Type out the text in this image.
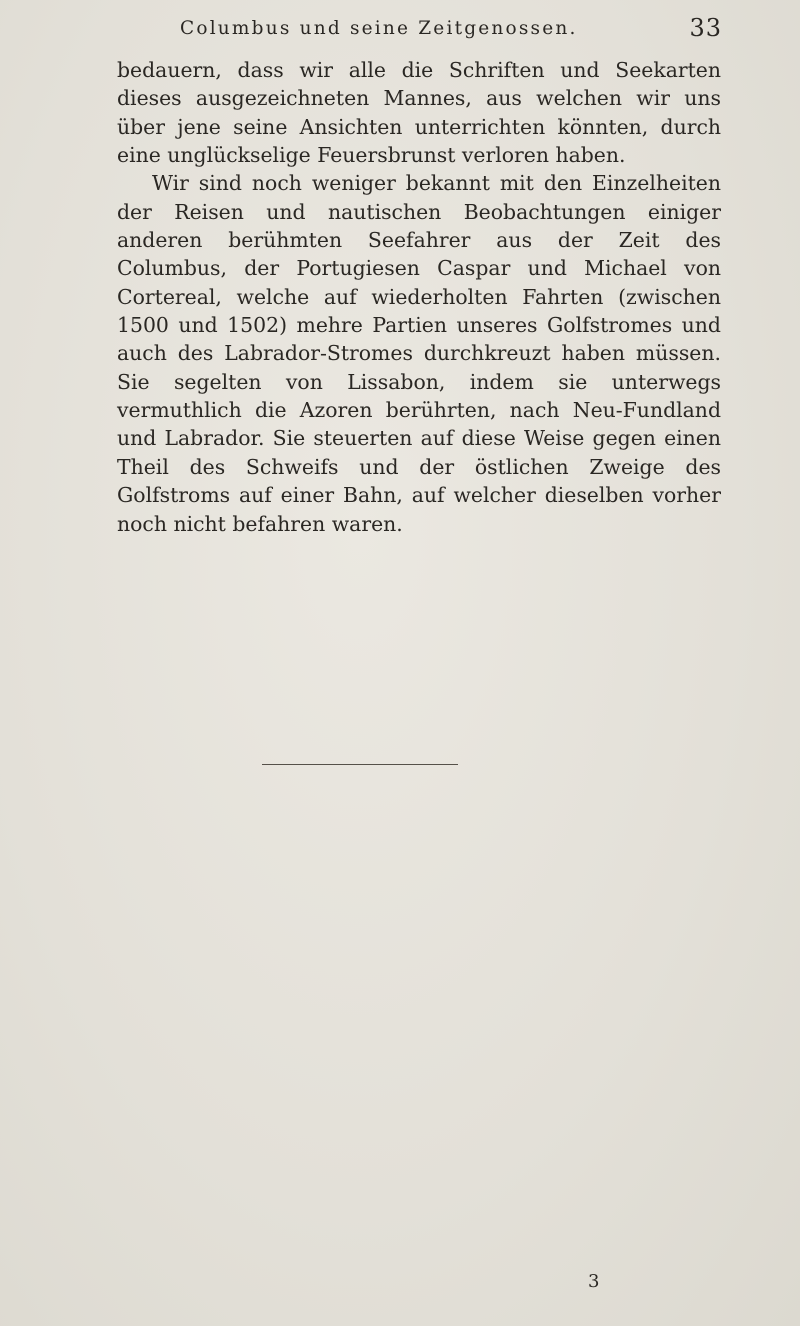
Columbus und seine Zeitgenossen.	33

bedauern, dass wir alle die Schriften und Seekarten dieses ausgezeichneten Mannes, aus welchen wir uns über jene seine Ansichten unterrichten könnten, durch eine unglückselige Feuersbrunst verloren haben.

Wir sind noch weniger bekannt mit den Einzelheiten der Reisen und nautischen Beobachtungen einiger anderen berühmten Seefahrer aus der Zeit des Columbus, der Portugiesen Caspar und Michael von Cortereal, welche auf wiederholten Fahrten (zwischen 1500 und 1502) mehre Partien unseres Golfstromes und auch des Labrador-Stromes durchkreuzt haben müssen. Sie segelten von Lissabon, indem sie unterwegs vermuthlich die Azoren berührten, nach Neu-Fundland und Labrador. Sie steuerten auf diese Weise gegen einen Theil des Schweifs und der östlichen Zweige des Golfstroms auf einer Bahn, auf welcher dieselben vorher noch nicht befahren waren.

3
